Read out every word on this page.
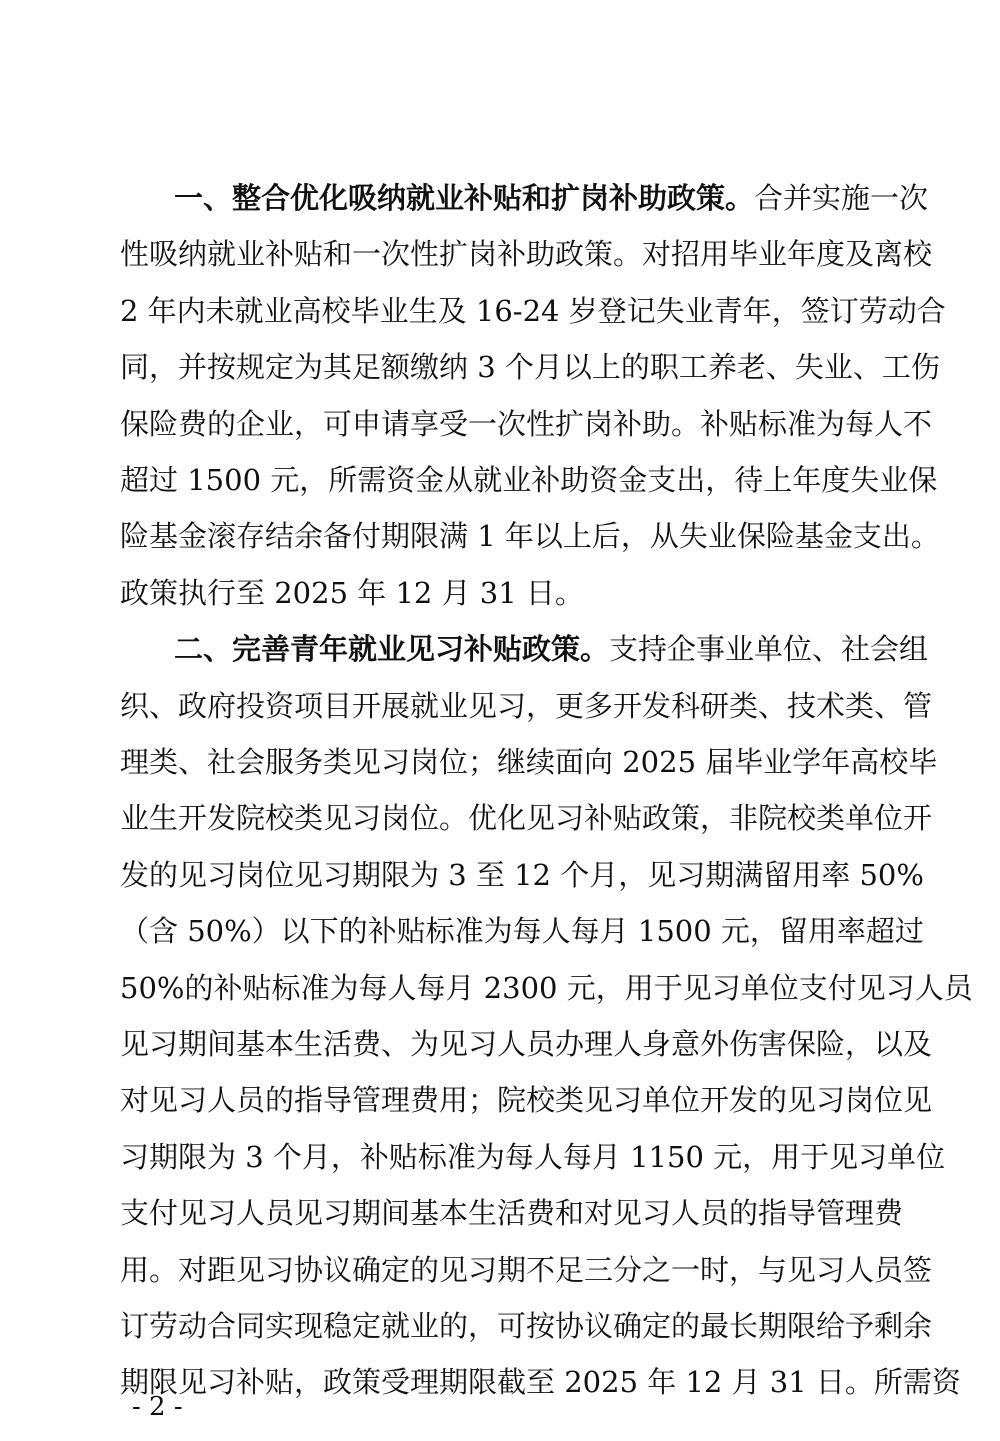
一、整合优化吸纳就业补贴和扩岗补助政策。合并实施一次
性吸纳就业补贴和一次性扩岗补助政策。对招用毕业年度及离校
2 年内未就业高校毕业生及 16-24 岁登记失业青年，签订劳动合
同，并按规定为其足额缴纳 3 个月以上的职工养老、失业、工伤
保险费的企业，可申请享受一次性扩岗补助。补贴标准为每人不
超过 1500 元，所需资金从就业补助资金支出，待上年度失业保
险基金滚存结余备付期限满 1 年以上后，从失业保险基金支出。
政策执行至 2025 年 12 月 31 日。
二、完善青年就业见习补贴政策。支持企事业单位、社会组
织、政府投资项目开展就业见习，更多开发科研类、技术类、管
理类、社会服务类见习岗位；继续面向 2025 届毕业学年高校毕
业生开发院校类见习岗位。优化见习补贴政策，非院校类单位开
发的见习岗位见习期限为 3 至 12 个月，见习期满留用率 50%
（含 50%）以下的补贴标准为每人每月 1500 元，留用率超过
50%的补贴标准为每人每月 2300 元，用于见习单位支付见习人员
见习期间基本生活费、为见习人员办理人身意外伤害保险，以及
对见习人员的指导管理费用；院校类见习单位开发的见习岗位见
习期限为 3 个月，补贴标准为每人每月 1150 元，用于见习单位
支付见习人员见习期间基本生活费和对见习人员的指导管理费
用。对距见习协议确定的见习期不足三分之一时，与见习人员签
订劳动合同实现稳定就业的，可按协议确定的最长期限给予剩余
- 2 -
期限见习补贴，政策受理期限截至 2025 年 12 月 31 日。所需资
